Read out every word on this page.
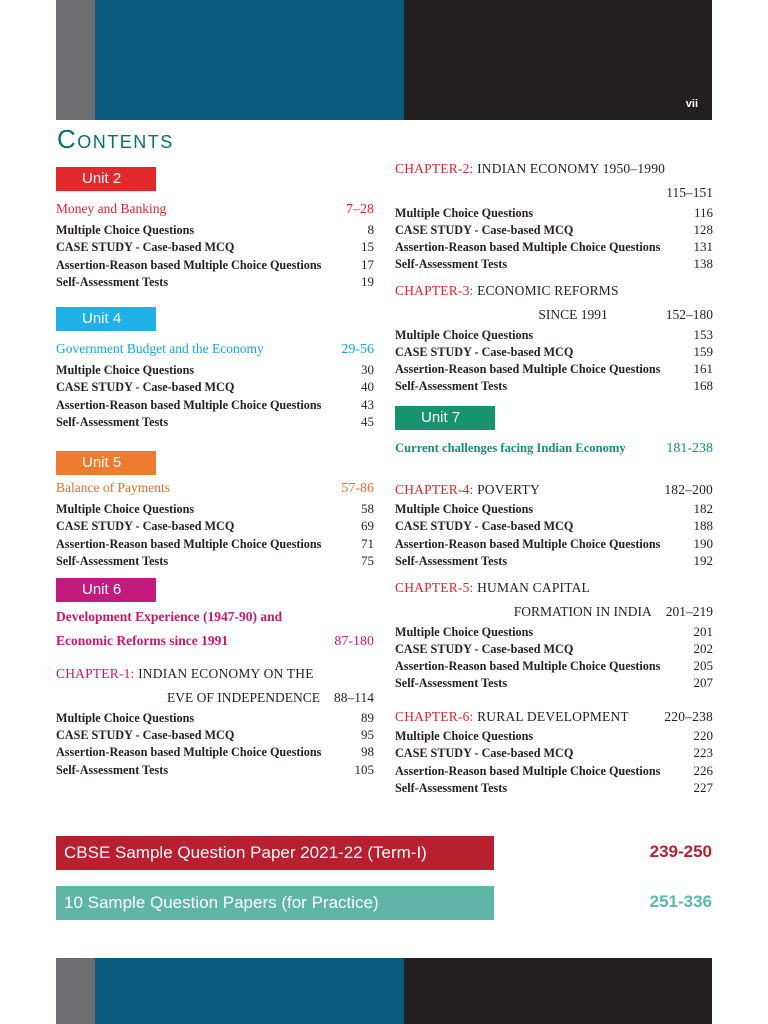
vii
Contents
Unit 2
Money and Banking	7–28
Multiple Choice Questions	8
CASE STUDY - Case-based MCQ	15
Assertion-Reason based Multiple Choice Questions	17
Self-Assessment Tests	19
Unit 4
Government Budget and the Economy	29-56
Multiple Choice Questions	30
CASE STUDY - Case-based MCQ	40
Assertion-Reason based Multiple Choice Questions	43
Self-Assessment Tests	45
Unit 5
Balance of Payments	57-86
Multiple Choice Questions	58
CASE STUDY - Case-based MCQ	69
Assertion-Reason based Multiple Choice Questions	71
Self-Assessment Tests	75
Unit 6
Development Experience (1947-90) and
Economic Reforms since 1991	87-180
CHAPTER-1: INDIAN ECONOMY ON THE
EVE OF INDEPENDENCE 88–114
Multiple Choice Questions	89
CASE STUDY - Case-based MCQ	95
Assertion-Reason based Multiple Choice Questions	98
Self-Assessment Tests	105
CHAPTER-2: INDIAN ECONOMY 1950–1990
115–151
Multiple Choice Questions	116
CASE STUDY - Case-based MCQ	128
Assertion-Reason based Multiple Choice Questions	131
Self-Assessment Tests	138
CHAPTER-3: ECONOMIC REFORMS
SINCE 1991	152–180
Multiple Choice Questions	153
CASE STUDY - Case-based MCQ	159
Assertion-Reason based Multiple Choice Questions	161
Self-Assessment Tests	168
Unit 7
Current challenges facing Indian Economy	181-238
CHAPTER-4: POVERTY	182–200
Multiple Choice Questions	182
CASE STUDY - Case-based MCQ	188
Assertion-Reason based Multiple Choice Questions	190
Self-Assessment Tests	192
CHAPTER-5: HUMAN CAPITAL
FORMATION IN INDIA 201–219
Multiple Choice Questions	201
CASE STUDY - Case-based MCQ	202
Assertion-Reason based Multiple Choice Questions	205
Self-Assessment Tests	207
CHAPTER-6: RURAL DEVELOPMENT	220–238
Multiple Choice Questions	220
CASE STUDY - Case-based MCQ	223
Assertion-Reason based Multiple Choice Questions	226
Self-Assessment Tests	227
CBSE Sample Question Paper 2021-22 (Term-I)	239-250
10 Sample Question Papers (for Practice)	251-336
